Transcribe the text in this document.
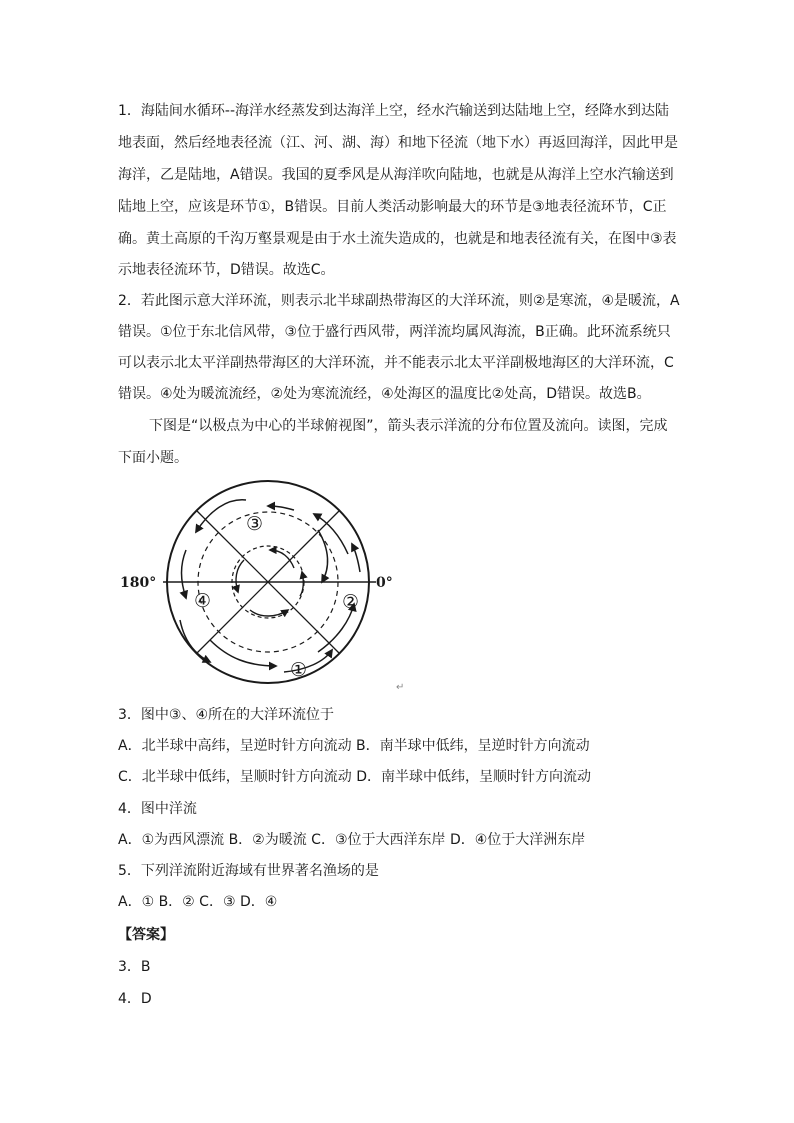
1．海陆间水循环--海洋水经蒸发到达海洋上空，经水汽输送到达陆地上空，经降水到达陆
地表面，然后经地表径流（江、河、湖、海）和地下径流（地下水）再返回海洋，因此甲是
海洋，乙是陆地，A错误。我国的夏季风是从海洋吹向陆地，也就是从海洋上空水汽输送到
陆地上空，应该是环节①，B错误。目前人类活动影响最大的环节是③地表径流环节，C正
确。黄土高原的千沟万壑景观是由于水土流失造成的，也就是和地表径流有关，在图中③表
示地表径流环节，D错误。故选C。
2．若此图示意大洋环流，则表示北半球副热带海区的大洋环流，则②是寒流，④是暖流，A
错误。①位于东北信风带，③位于盛行西风带，两洋流均属风海流，B正确。此环流系统只
可以表示北太平洋副热带海区的大洋环流，并不能表示北太平洋副极地海区的大洋环流，C
错误。④处为暖流流经，②处为寒流流经，④处海区的温度比②处高，D错误。故选B。
下图是“以极点为中心的半球俯视图”，箭头表示洋流的分布位置及流向。读图，完成
下面小题。
180°	0°
③
④	②
①
↵
3．图中③、④所在的大洋环流位于
A．北半球中高纬，呈逆时针方向流动 B．南半球中低纬，呈逆时针方向流动
C．北半球中低纬，呈顺时针方向流动 D．南半球中低纬，呈顺时针方向流动
4．图中洋流
A．①为西风漂流 B．②为暖流 C．③位于大西洋东岸 D．④位于大洋洲东岸
5．下列洋流附近海域有世界著名渔场的是
A．① B．② C．③ D．④
【答案】
3．B
4．D
